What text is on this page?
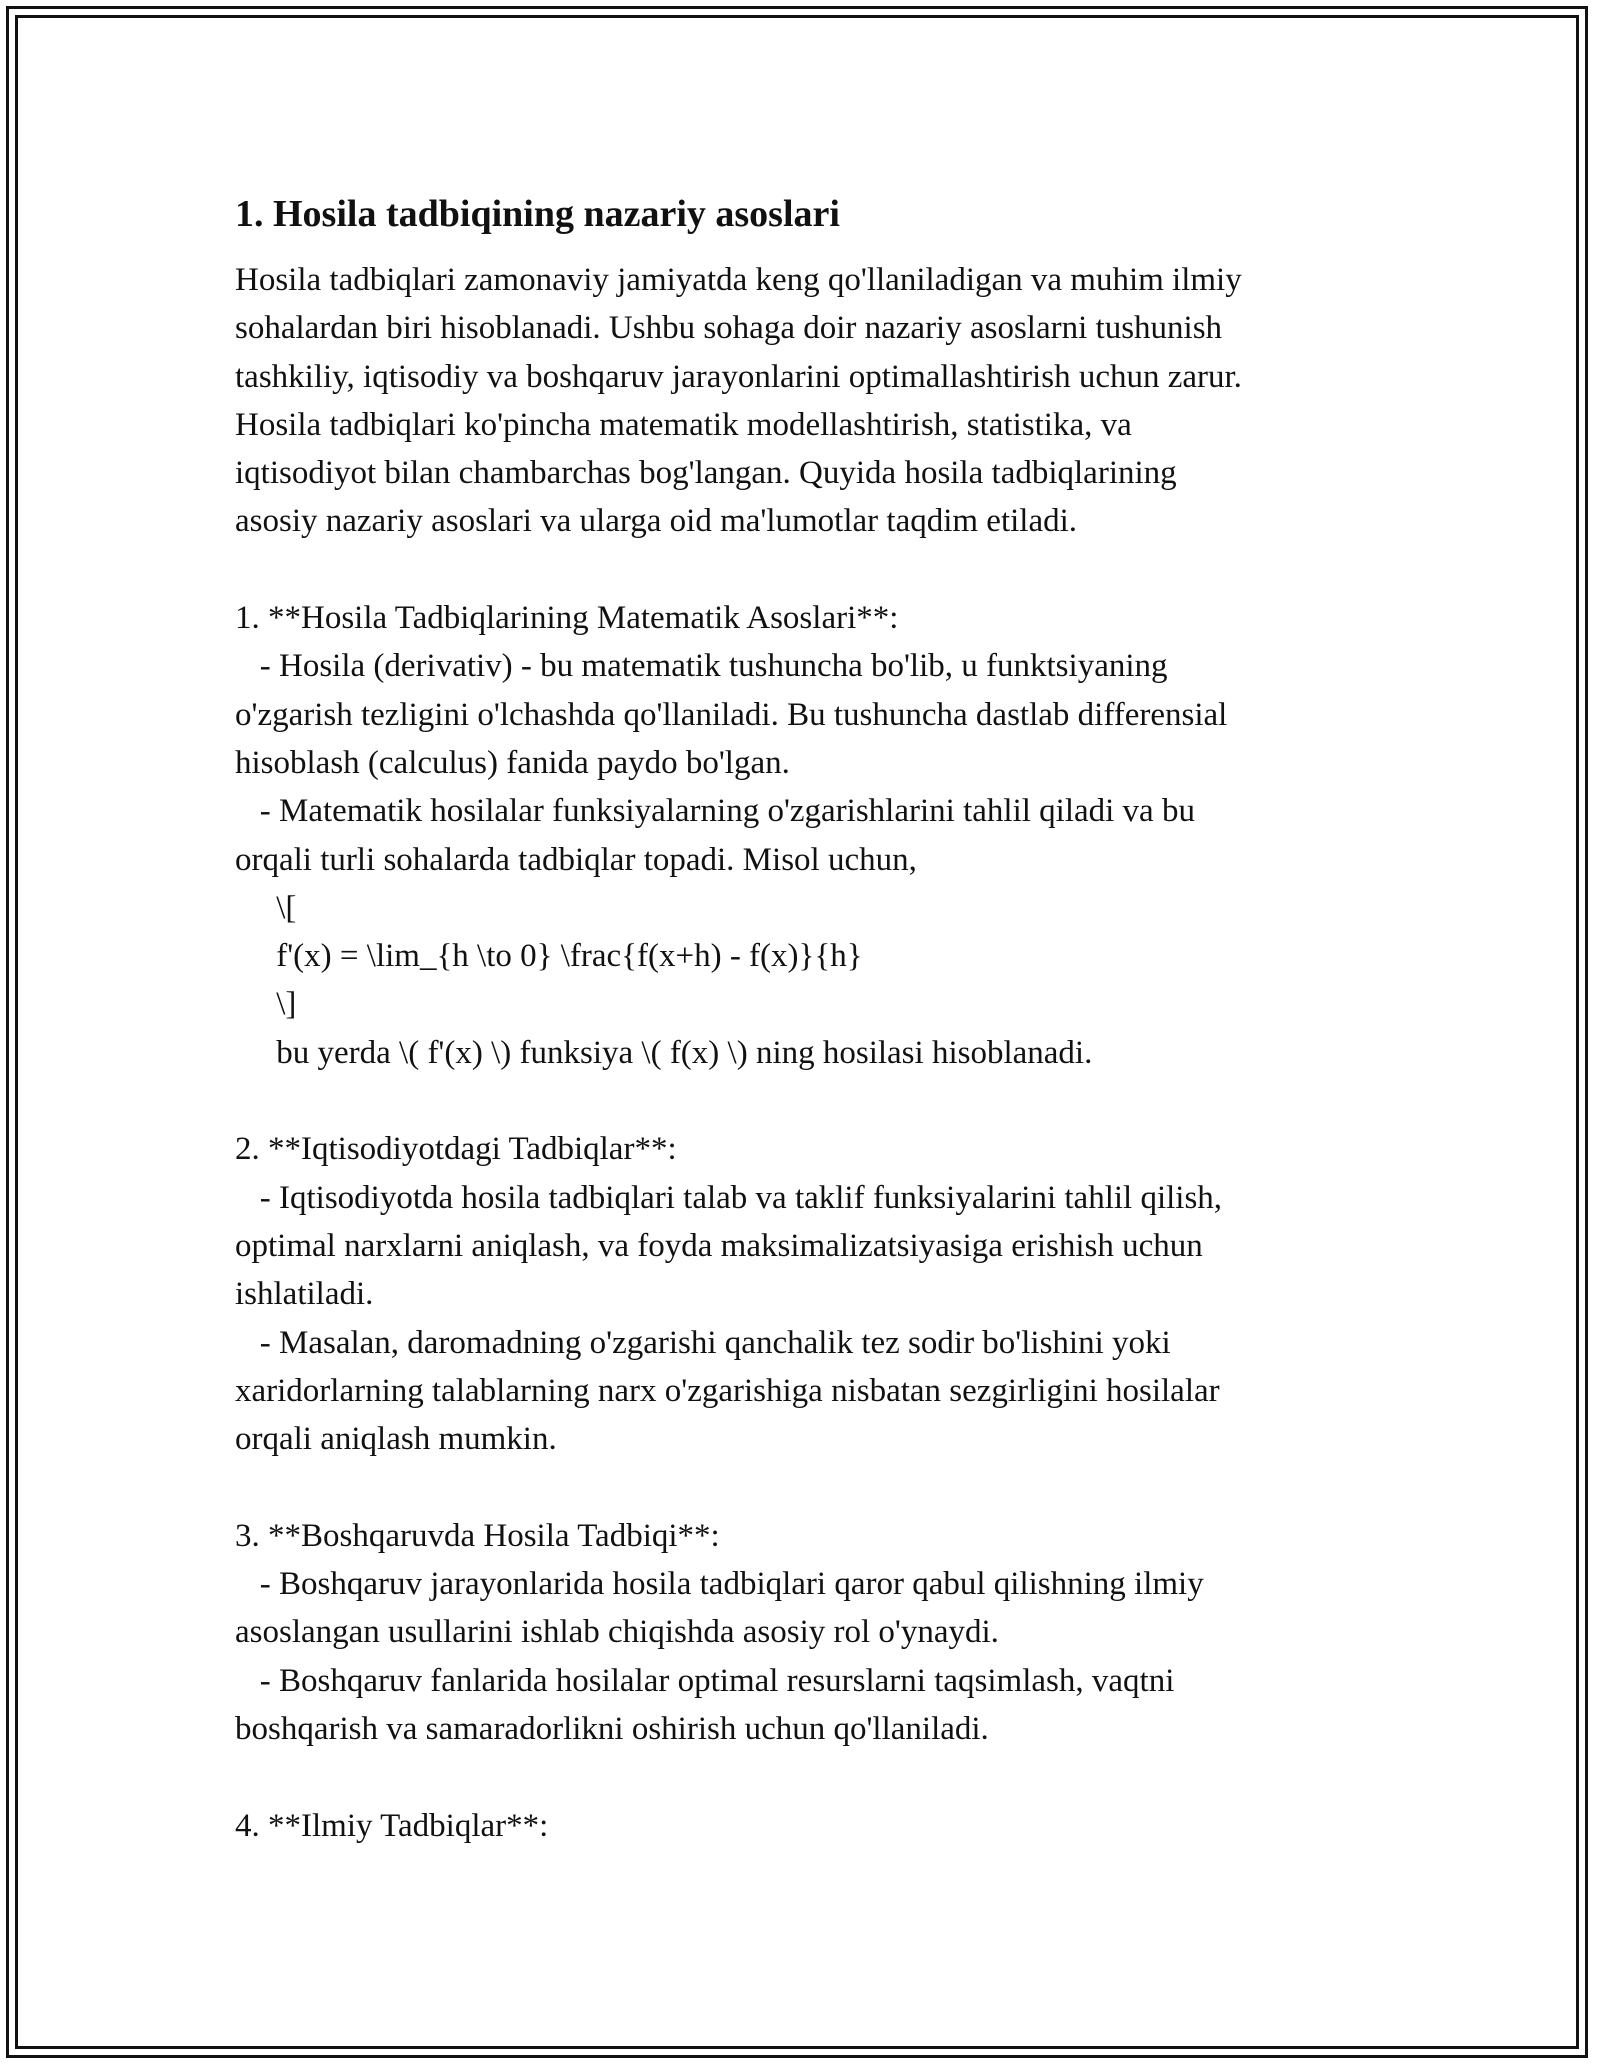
1. Hosila tadbiqining nazariy asoslari

Hosila tadbiqlari zamonaviy jamiyatda keng qo'llaniladigan va muhim ilmiy
sohalardan biri hisoblanadi. Ushbu sohaga doir nazariy asoslarni tushunish
tashkiliy, iqtisodiy va boshqaruv jarayonlarini optimallashtirish uchun zarur.
Hosila tadbiqlari ko'pincha matematik modellashtirish, statistika, va
iqtisodiyot bilan chambarchas bog'langan. Quyida hosila tadbiqlarining
asosiy nazariy asoslari va ularga oid ma'lumotlar taqdim etiladi.

1. **Hosila Tadbiqlarining Matematik Asoslari**:
- Hosila (derivativ) - bu matematik tushuncha bo'lib, u funktsiyaning
o'zgarish tezligini o'lchashda qo'llaniladi. Bu tushuncha dastlab differensial
hisoblash (calculus) fanida paydo bo'lgan.
- Matematik hosilalar funksiyalarning o'zgarishlarini tahlil qiladi va bu
orqali turli sohalarda tadbiqlar topadi. Misol uchun,
\[
f'(x) = \lim_{h \to 0} \frac{f(x+h) - f(x)}{h}
\]
bu yerda \( f'(x) \) funksiya \( f(x) \) ning hosilasi hisoblanadi.

2. **Iqtisodiyotdagi Tadbiqlar**:
- Iqtisodiyotda hosila tadbiqlari talab va taklif funksiyalarini tahlil qilish,
optimal narxlarni aniqlash, va foyda maksimalizatsiyasiga erishish uchun
ishlatiladi.
- Masalan, daromadning o'zgarishi qanchalik tez sodir bo'lishini yoki
xaridorlarning talablarning narx o'zgarishiga nisbatan sezgirligini hosilalar
orqali aniqlash mumkin.

3. **Boshqaruvda Hosila Tadbiqi**:
- Boshqaruv jarayonlarida hosila tadbiqlari qaror qabul qilishning ilmiy
asoslangan usullarini ishlab chiqishda asosiy rol o'ynaydi.
- Boshqaruv fanlarida hosilalar optimal resurslarni taqsimlash, vaqtni
boshqarish va samaradorlikni oshirish uchun qo'llaniladi.

4. **Ilmiy Tadbiqlar**:
